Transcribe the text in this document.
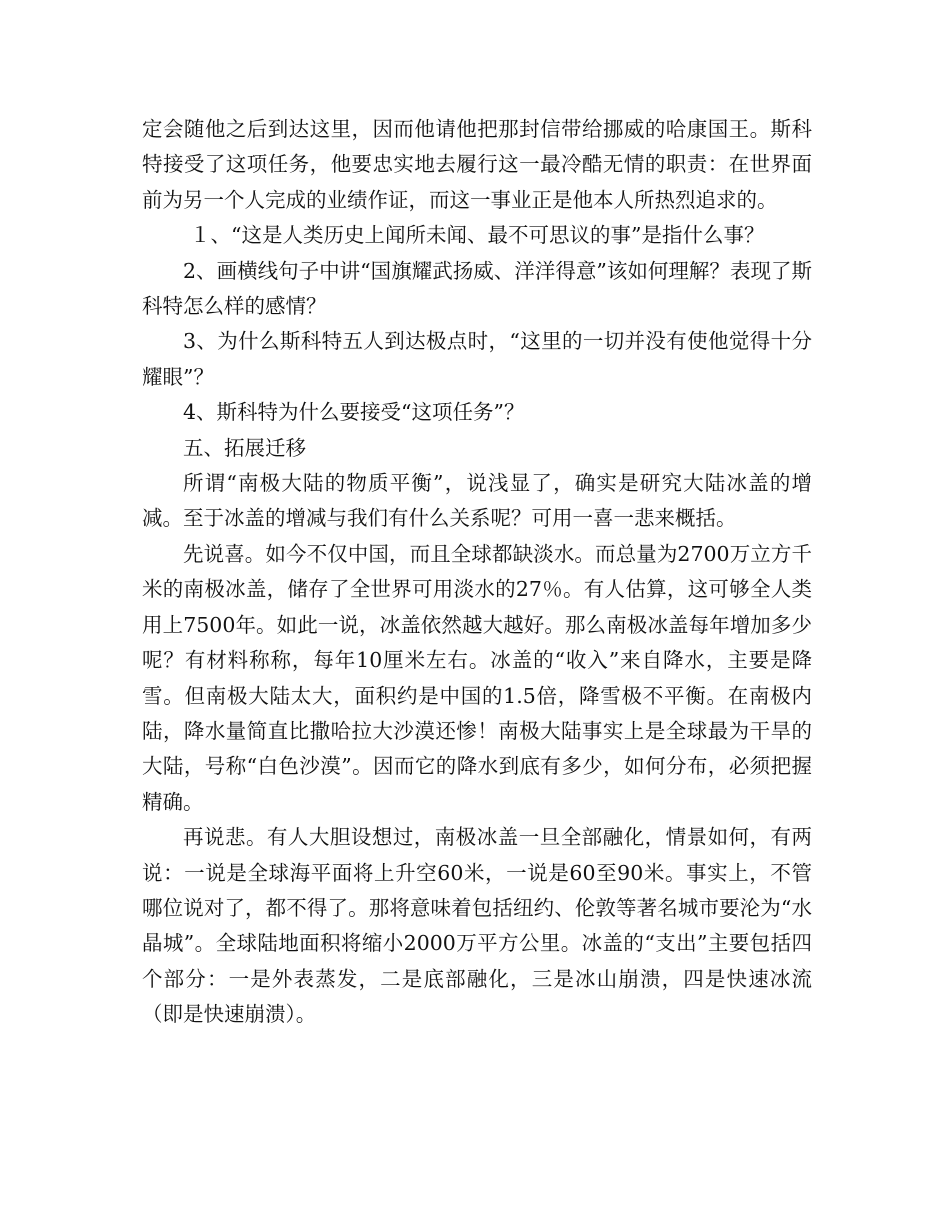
定会随他之后到达这里，因而他请他把那封信带给挪威的哈康国王。斯科特接受了这项任务，他要忠实地去履行这一最冷酷无情的职责：在世界面前为另一个人完成的业绩作证，而这一事业正是他本人所热烈追求的。

１、“这是人类历史上闻所未闻、最不可思议的事”是指什么事？

2、画横线句子中讲“国旗耀武扬威、洋洋得意”该如何理解？表现了斯科特怎么样的感情？

3、为什么斯科特五人到达极点时，“这里的一切并没有使他觉得十分耀眼”？

4、斯科特为什么要接受“这项任务”？

五、拓展迁移

所谓“南极大陆的物质平衡”，说浅显了，确实是研究大陆冰盖的增减。至于冰盖的增减与我们有什么关系呢？可用一喜一悲来概括。

先说喜。如今不仅中国，而且全球都缺淡水。而总量为2700万立方千米的南极冰盖，储存了全世界可用淡水的27％。有人估算，这可够全人类用上7500年。如此一说，冰盖依然越大越好。那么南极冰盖每年增加多少呢？有材料称称，每年10厘米左右。冰盖的“收入”来自降水，主要是降雪。但南极大陆太大，面积约是中国的1.5倍，降雪极不平衡。在南极内陆，降水量简直比撒哈拉大沙漠还惨！南极大陆事实上是全球最为干旱的大陆，号称“白色沙漠”。因而它的降水到底有多少，如何分布，必须把握精确。

再说悲。有人大胆设想过，南极冰盖一旦全部融化，情景如何，有两说：一说是全球海平面将上升空60米，一说是60至90米。事实上，不管哪位说对了，都不得了。那将意味着包括纽约、伦敦等著名城市要沦为“水晶城”。全球陆地面积将缩小2000万平方公里。冰盖的“支出”主要包括四个部分：一是外表蒸发，二是底部融化，三是冰山崩溃，四是快速冰流（即是快速崩溃）。
